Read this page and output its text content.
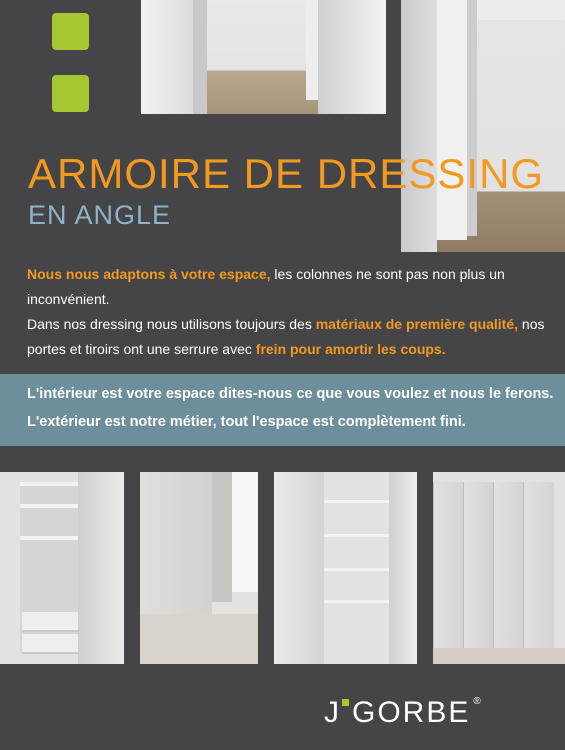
ARMOIRE DE DRESSING
EN ANGLE

Nous nous adaptons à votre espace, les colonnes ne sont pas non plus un inconvénient.

Dans nos dressing nous utilisons toujours des matériaux de première qualité, nos portes et tiroirs ont une serrure avec frein pour amortir les coups.

L'intérieur est votre espace dites-nous ce que vous voulez et nous le ferons.

L'extérieur est notre métier, tout l'espace est complètement fini.

J GORBE ®
